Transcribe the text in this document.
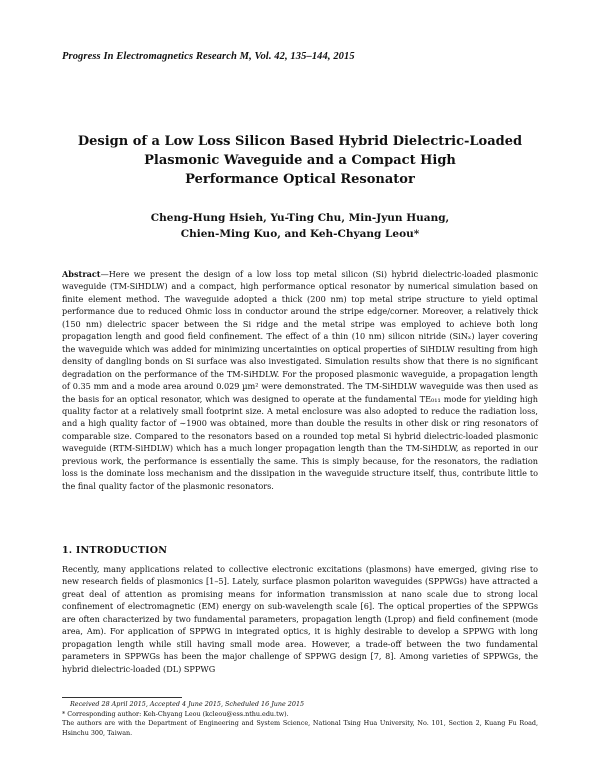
Progress In Electromagnetics Research M, Vol. 42, 135–144, 2015
Design of a Low Loss Silicon Based Hybrid Dielectric-Loaded
Plasmonic Waveguide and a Compact High
Performance Optical Resonator
Cheng-Hung Hsieh, Yu-Ting Chu, Min-Jyun Huang,
Chien-Ming Kuo, and Keh-Chyang Leou*

Abstract—Here we present the design of a low loss top metal silicon (Si) hybrid dielectric-loaded plasmonic waveguide (TM-SiHDLW) and a compact, high performance optical resonator by numerical simulation based on finite element method. The waveguide adopted a thick (200 nm) top metal stripe structure to yield optimal performance due to reduced Ohmic loss in conductor around the stripe edge/corner. Moreover, a relatively thick (150 nm) dielectric spacer between the Si ridge and the metal stripe was employed to achieve both long propagation length and good field confinement. The effect of a thin (10 nm) silicon nitride (SiNₓ) layer covering the waveguide which was added for minimizing uncertainties on optical properties of SiHDLW resulting from high density of dangling bonds on Si surface was also investigated. Simulation results show that there is no significant degradation on the performance of the TM-SiHDLW. For the proposed plasmonic waveguide, a propagation length of 0.35 mm and a mode area around 0.029 µm² were demonstrated. The TM-SiHDLW waveguide was then used as the basis for an optical resonator, which was designed to operate at the fundamental TE₀₁₁ mode for yielding high quality factor at a relatively small footprint size. A metal enclosure was also adopted to reduce the radiation loss, and a high quality factor of ∼1900 was obtained, more than double the results in other disk or ring resonators of comparable size. Compared to the resonators based on a rounded top metal Si hybrid dielectric-loaded plasmonic waveguide (RTM-SiHDLW) which has a much longer propagation length than the TM-SiHDLW, as reported in our previous work, the performance is essentially the same. This is simply because, for the resonators, the radiation loss is the dominate loss mechanism and the dissipation in the waveguide structure itself, thus, contribute little to the final quality factor of the plasmonic resonators.

1. INTRODUCTION

Recently, many applications related to collective electronic excitations (plasmons) have emerged, giving rise to new research fields of plasmonics [1–5]. Lately, surface plasmon polariton waveguides (SPPWGs) have attracted a great deal of attention as promising means for information transmission at nano scale due to strong local confinement of electromagnetic (EM) energy on sub-wavelength scale [6]. The optical properties of the SPPWGs are often characterized by two fundamental parameters, propagation length (Lprop) and field confinement (mode area, Am). For application of SPPWG in integrated optics, it is highly desirable to develop a SPPWG with long propagation length while still having small mode area. However, a trade-off between the two fundamental parameters in SPPWGs has been the major challenge of SPPWG design [7, 8]. Among varieties of SPPWGs, the hybrid dielectric-loaded (DL) SPPWG

Received 28 April 2015, Accepted 4 June 2015, Scheduled 16 June 2015
* Corresponding author: Keh-Chyang Leou (kcleou@ess.nthu.edu.tw).
The authors are with the Department of Engineering and System Science, National Tsing Hua University, No. 101, Section 2, Kuang Fu Road, Hsinchu 300, Taiwan.
